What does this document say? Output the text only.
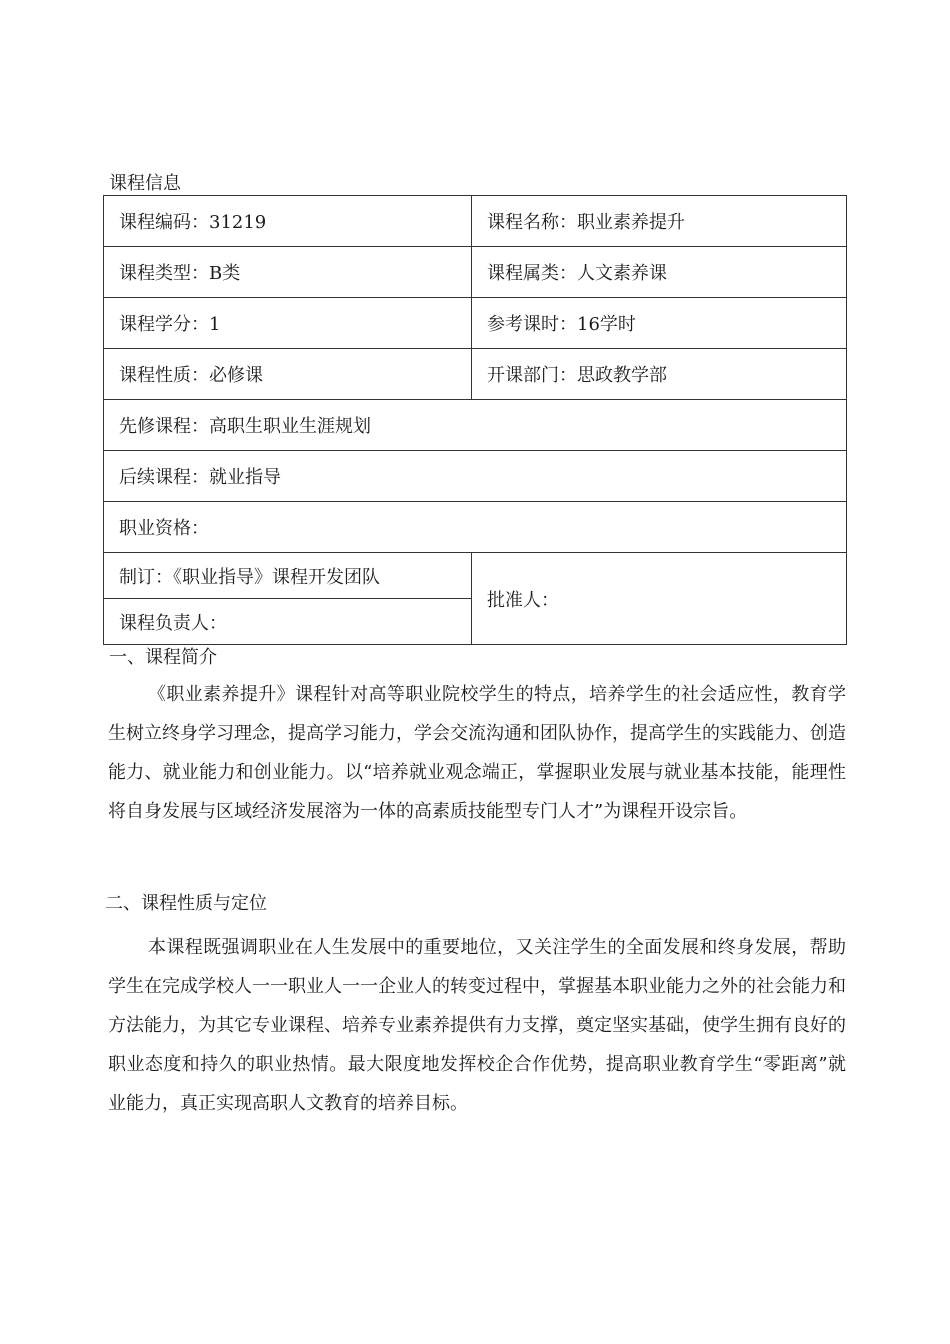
课程信息
课程编码：31219	课程名称：职业素养提升
课程类型：B类	课程属类：人文素养课
课程学分：1	参考课时：16学时
课程性质：必修课	开课部门：思政教学部
先修课程：高职生职业生涯规划	
后续课程：就业指导	
职业资格：	
制订：《职业指导》课程开发团队	批准人：
课程负责人：	
一、课程简介

《职业素养提升》课程针对高等职业院校学生的特点，培养学生的社会适应性，教育学生树立终身学习理念，提高学习能力，学会交流沟通和团队协作，提高学生的实践能力、创造能力、就业能力和创业能力。以“培养就业观念端正，掌握职业发展与就业基本技能，能理性将自身发展与区域经济发展溶为一体的高素质技能型专门人才”为课程开设宗旨。

二、课程性质与定位

本课程既强调职业在人生发展中的重要地位，又关注学生的全面发展和终身发展，帮助学生在完成学校人一一职业人一一企业人的转变过程中，掌握基本职业能力之外的社会能力和方法能力，为其它专业课程、培养专业素养提供有力支撑，奠定坚实基础，使学生拥有良好的职业态度和持久的职业热情。最大限度地发挥校企合作优势，提高职业教育学生“零距离”就业能力，真正实现高职人文教育的培养目标。
